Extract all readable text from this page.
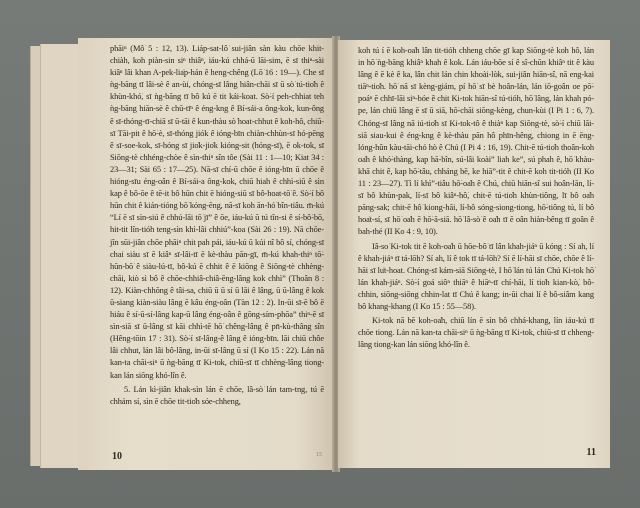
phāiⁿ (Mô͘ 5 : 12, 13). Liáp-sat-lô͘ sui-jiân sàn kàu chōe khit-chiàh, koh piàn-sin siⁿ thiâⁿ, iáu-kú chhá-ū lāi-sim, ē sī thiⁿ-sài kiâⁿ lâi khan A-pek-lia̍p-hán ê heng-chêng (Lō͘ 16 : 19—). Che sī ǹg-bāng tī lâi-sè ê an-ùi, chóng-sī lâng hiân-chāi sī ū sò͘ tú-tio̍h ê khùn-khó͘, sī ǹg-bāng tī bô kú ē tit kái-koat. Sò͘-í peh-chhiat teh ǹg-bāng hiān-sè ê chū-tīⁿ ê éng-kng ê Bí-sái-a ông-kok, kun-ông ê sī-thóng-tī-chiā sī ū-tāi ê kun-thàu sò͘ hoat-chhut ê koh-hô, chiū-sī Tāi-pit ê hō͘-è, sī-thóng jiók ê ióng-bīn chiàn-chhùn-sī hó-pēng ê sī-soe-kok, sī-hóng sī jio̍k-jio̍k kióng-sit (hóng-sī), ē ok-tok, sī Siōng-tè chhéng-chòe ê sìn-thiⁿ sîn tôe (Sài 11 : 1—10; Kiat 34 : 23—31; Sài 65 : 17—25). Nā-sī chí-ū chōe ê ióng-bīn ū chōe ê hióng-sīu éng-oân ê Bí-sái-a ông-kok, chiū hiah ê chhì-siū ê sìn kap ê bô-ōe ê tē-it bô hūn chit ē hióng-siū sī bô-hoat-tō͘ ê. Sò͘-í bô hūn chit ê kián-tióng bō͘ kóng-ēng, nā-sī koh ān-hó͘ bîn-tiâu. m̄-kú “Lí ē sī sìn-siú ê chhú-lāi tō͘ jī” ê ōe, iáu-kú ū tú tîn-si ê sí-bô͘-bō, hit-tit lîn-tióh teng-sìn khì-lâi chhiú”-koa (Sài 26 : 19). Nā chōe-jîn sūi-jiân chōe phāiⁿ chit pah pái, iáu-kú ū kúi nî bô sí, chóng-sī chai siàu sī ē kiâⁿ sī-lâi-tī ē kè-thàu pān-gī, m̄-kú khah-thiⁿ tō͘-hūn-bō͘ ê siàu-lú-tī, bô-kú ē chhit ê ē kiōng ê Siōng-tè chhèng-chāi, kiò sì bô ê chōe-chhiâ-chiâ-ēng-lâng kok chhì” (Thoân 8 : 12). Kiàn-chhōng ê tâi-sa, chiū ū ū sí ū lāi ê lâng, ū ū-lâng ê kok ū-siang kiàn-siàu lâng ē kâu éng-oân (Tàn 12 : 2). In-ūi sī-ē bô ē hiáu ê sí-ū-sí-lâng kap-ū lâng éng-oân ê gōng-sím-phōa” thiⁿ-ē sī sìn-siā sī ū-lâng sī kāi chhì-tē hō͘ chêng-lâng ê pn̄-kù-thâng sîn (Hêng-tōin 17 : 31). Sò͘-í sī-lâng-ê lâng ê ióng-bīn. lāi chiū chôe lâi chhut, lán lâi bô-lâng, in-ūi sī-lâng ū sí (I Ko 15 : 22). Lán nā kan-ta chāi-siⁿ ū ǹg-bāng tī Ki-tok, chiū-sī tī chhèng-lâng tiong-kan lán siōng khó-lîn ê.

5. Lán kì-jiân khak-sìn lán ē chōe, lâ-sò͘ lán tam-tng, tú ē chhám sí, sìn ē chōe tit-tio̍h sóe-chheng,

15
10

koh tú í ē koh-oa̍h lân tit-tióh chheng chōe gī kap Siōng-tè koh hô, lán in hō͘ ǹg-bāng khiâⁿ khah ê kok. Lán iáu-bōe sí ê sî-chūn khiâⁿ tit ê kàu lâng ê ē kè ê ka, lân chit lán chin khoài-lòk, sui-jiân hiān-sî, nā eng-kai tiāⁿ-tio̍h. hō͘ nā sī kèng-giám, pí hō͘ sī bè hoân-lán, lán iō-goân oe pō͘-poáⁿ ē chhī-lāi siⁿ-bóe ê chit Ki-tok hiān-sî tú-tióh, hō͘ lâng, lán khah pó-pe, lán chiū lâng ē sī ū siā, hō͘-chāi siōng-kèng, chun-kùi (I Pi 1 : 6, 7). Chóng-sī lâng nā iú-tio̍h sī Ki-tok-tô ê thiàⁿ kap Siōng-tè, sò͘-í chiū lāi-siā siau-kui ê éng-kng ê kè-thàu pān hô phīn-hêng, chiong in ē ēng-lóng-hûn kàu-tāi-chó hò ê Chú (I Pi 4 : 16, 19). Chit-ē tú-tio̍h thoân-koh oa̍h ê khó͘-thàng, kap hā-bîn, sú-lâi koài” liah ke”, sú phah ê, hō͘ khàu-khā chit ê, kap hō͘-tâu, chháng bē, ke hiā”-tit ê chit-ē koh tit-tióh (II Ko 11 : 23—27). Tì lí khì”-tiâu hō͘-oa̍h ê Chú, chiū hiān-sî sui hoân-lān, lí-sī bô khùn-pak, lí-sī bô kiâⁿ-hô͘, chit-ē tú-tio̍h khùn-tiông, lī bô oa̍h pāng-sak; chit-ē hô͘ kiong-hāi, lí-bô sóng-siong-tiong, hō͘-tiông tú, lí bô hoa̍t-sí, sī hō͘ oa̍h ē hō͘-ā-siā. hō͘ lâ-sò͘ ê oa̍h tī ē oân hiàn-bêng tī goân ê bah-thé (II Ko 4 : 9, 10).

Iâ-so͘ Ki-tok tit ē koh-oa̍h ū hōe-bô͘ tī lân khah-jiáⁿ ū kóng : Sí ah, lí ê khah-jiáⁿ tī tá-lōh? Sí ah, lí ê tok tī tá-lōh? Sí ē lí-hāi sī chōe, chōe ê lí-hāi sī lu̍t-hoat. Chóng-sī kám-siā Siōng-tè, I hō͘ lán tú lán Chú Ki-tok hō͘ lán khah-jiáⁿ. Sò͘-í goá siôⁿ thiāⁿ ê hiāⁿ-tī chí-hāi, lí tio̍h kian-kò͘, bô-chhin, siōng-siōng chhin-lat tī Chú ê kang; in-ūi chai lí ê bô-siâm kang bô khang-khang (I Ko 15 : 55—58).

Ki-tok nā bē koh-oa̍h, chiū lín ē sìn bô chhá-khang, lín iáu-kú tī chōe tiong. Lán nā kan-ta chāi-siⁿ ū ǹg-bāng tī Ki-tok, chiū-sī tī chheng-lâng tiong-kan lán siōng khó-lîn ê.

11
